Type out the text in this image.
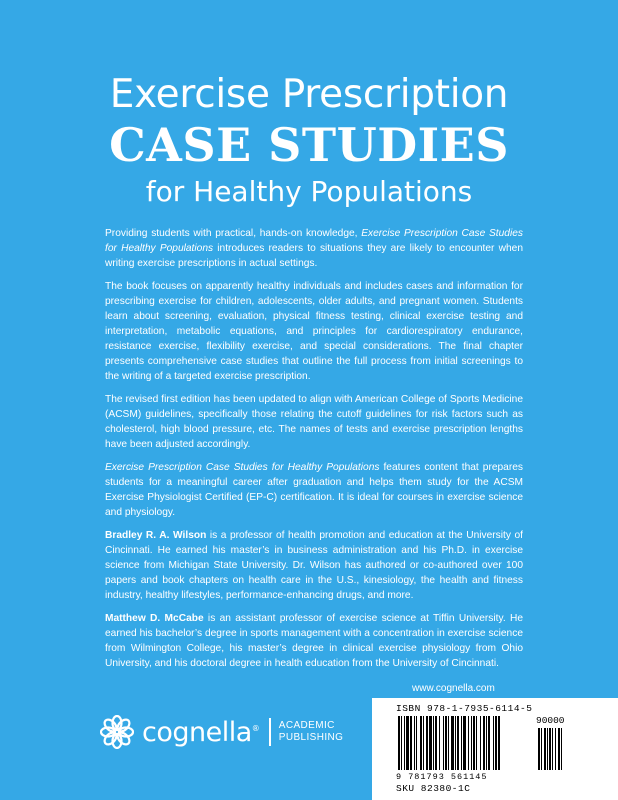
Exercise Prescription
CASE STUDIES
for Healthy Populations

Providing students with practical, hands-on knowledge, Exercise Prescription Case Studies for Healthy Populations introduces readers to situations they are likely to encounter when writing exercise prescriptions in actual settings.

The book focuses on apparently healthy individuals and includes cases and information for prescribing exercise for children, adolescents, older adults, and pregnant women. Students learn about screening, evaluation, physical fitness testing, clinical exercise testing and interpretation, metabolic equations, and principles for cardiorespiratory endurance, resistance exercise, flexibility exercise, and special considerations. The final chapter presents comprehensive case studies that outline the full process from initial screenings to the writing of a targeted exercise prescription.

The revised first edition has been updated to align with American College of Sports Medicine (ACSM) guidelines, specifically those relating the cutoff guidelines for risk factors such as cholesterol, high blood pressure, etc. The names of tests and exercise prescription lengths have been adjusted accordingly.

Exercise Prescription Case Studies for Healthy Populations features content that prepares students for a meaningful career after graduation and helps them study for the ACSM Exercise Physiologist Certified (EP-C) certification. It is ideal for courses in exercise science and physiology.

Bradley R. A. Wilson is a professor of health promotion and education at the University of Cincinnati. He earned his master’s in business administration and his Ph.D. in exercise science from Michigan State University. Dr. Wilson has authored or co-authored over 100 papers and book chapters on health care in the U.S., kinesiology, the health and fitness industry, healthy lifestyles, performance-enhancing drugs, and more.

Matthew D. McCabe is an assistant professor of exercise science at Tiffin University. He earned his bachelor’s degree in sports management with a concentration in exercise science from Wilmington College, his master’s degree in clinical exercise physiology from Ohio University, and his doctoral degree in health education from the University of Cincinnati.

www.cognella.com
cognella® ACADEMIC
PUBLISHING
ISBN 978-1-7935-6114-5
90000
9 781793 561145
SKU 82380-1C
